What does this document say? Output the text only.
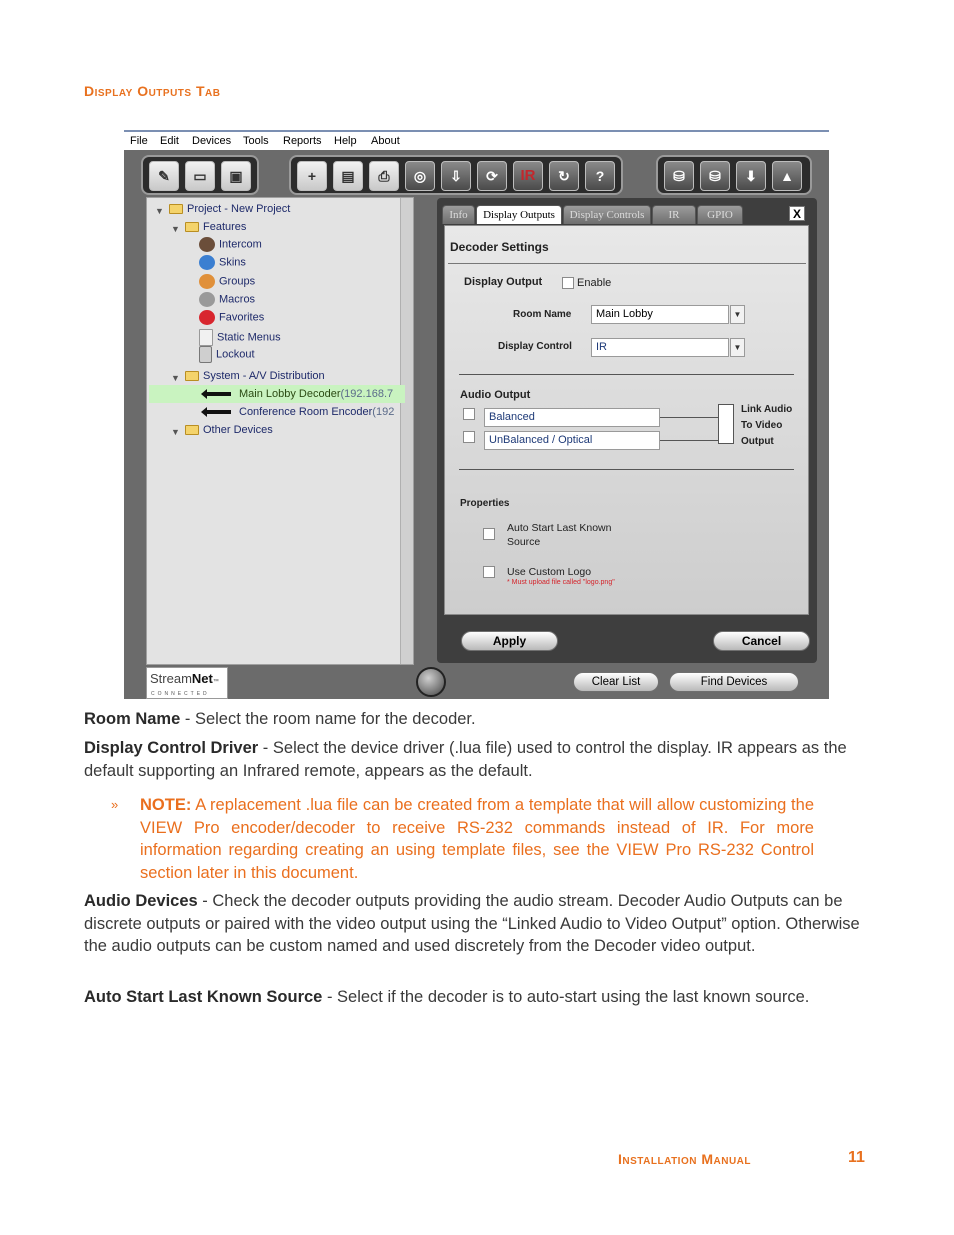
Display Outputs Tab
File Edit Devices Tools Reports Help About
✎	▭	▣	+	▤	⎙	◎	⇩	⟳	IR	↻	?	⛁	⛁	⬇	▲
▼	Project - New Project
▼	Features
Intercom
Skins
Groups
Macros
Favorites
Static Menus
Lockout
▼	System - A/V Distribution
Main Lobby Decoder(192.168.7
Conference Room Encoder(192
▼	Other Devices
Info	Display Outputs	Display Controls	IR	GPIO	X
Decoder Settings
Display Output	Enable
Room Name	Main Lobby	▼
Display Control	IR	▼
Audio Output
Balanced
UnBalanced / Optical
Link Audio
To Video
Output
Properties
Auto Start Last Known
Source
Use Custom Logo
* Must upload file called "logo.png"
Apply	Cancel
StreamNet™
CONNECTED
Clear List	Find Devices
Room Name - Select the room name for the decoder.
Display Control Driver - Select the device driver (.lua file) used to control the display. IR appears as the default supporting an Infrared remote, appears as the default.
» NOTE: A replacement .lua file can be created from a template that will allow customizing the VIEW Pro encoder/decoder to receive RS-232 commands instead of IR. For more information regarding creating an using template files, see the VIEW Pro RS-232 Control section later in this document.
Audio Devices - Check the decoder outputs providing the audio stream. Decoder Audio Outputs can be discrete outputs or paired with the video output using the “Linked Audio to Video Output” option. Otherwise the audio outputs can be custom named and used discretely from the Decoder video output.
Auto Start Last Known Source - Select if the decoder is to auto-start using the last known source.
Installation Manual	11
